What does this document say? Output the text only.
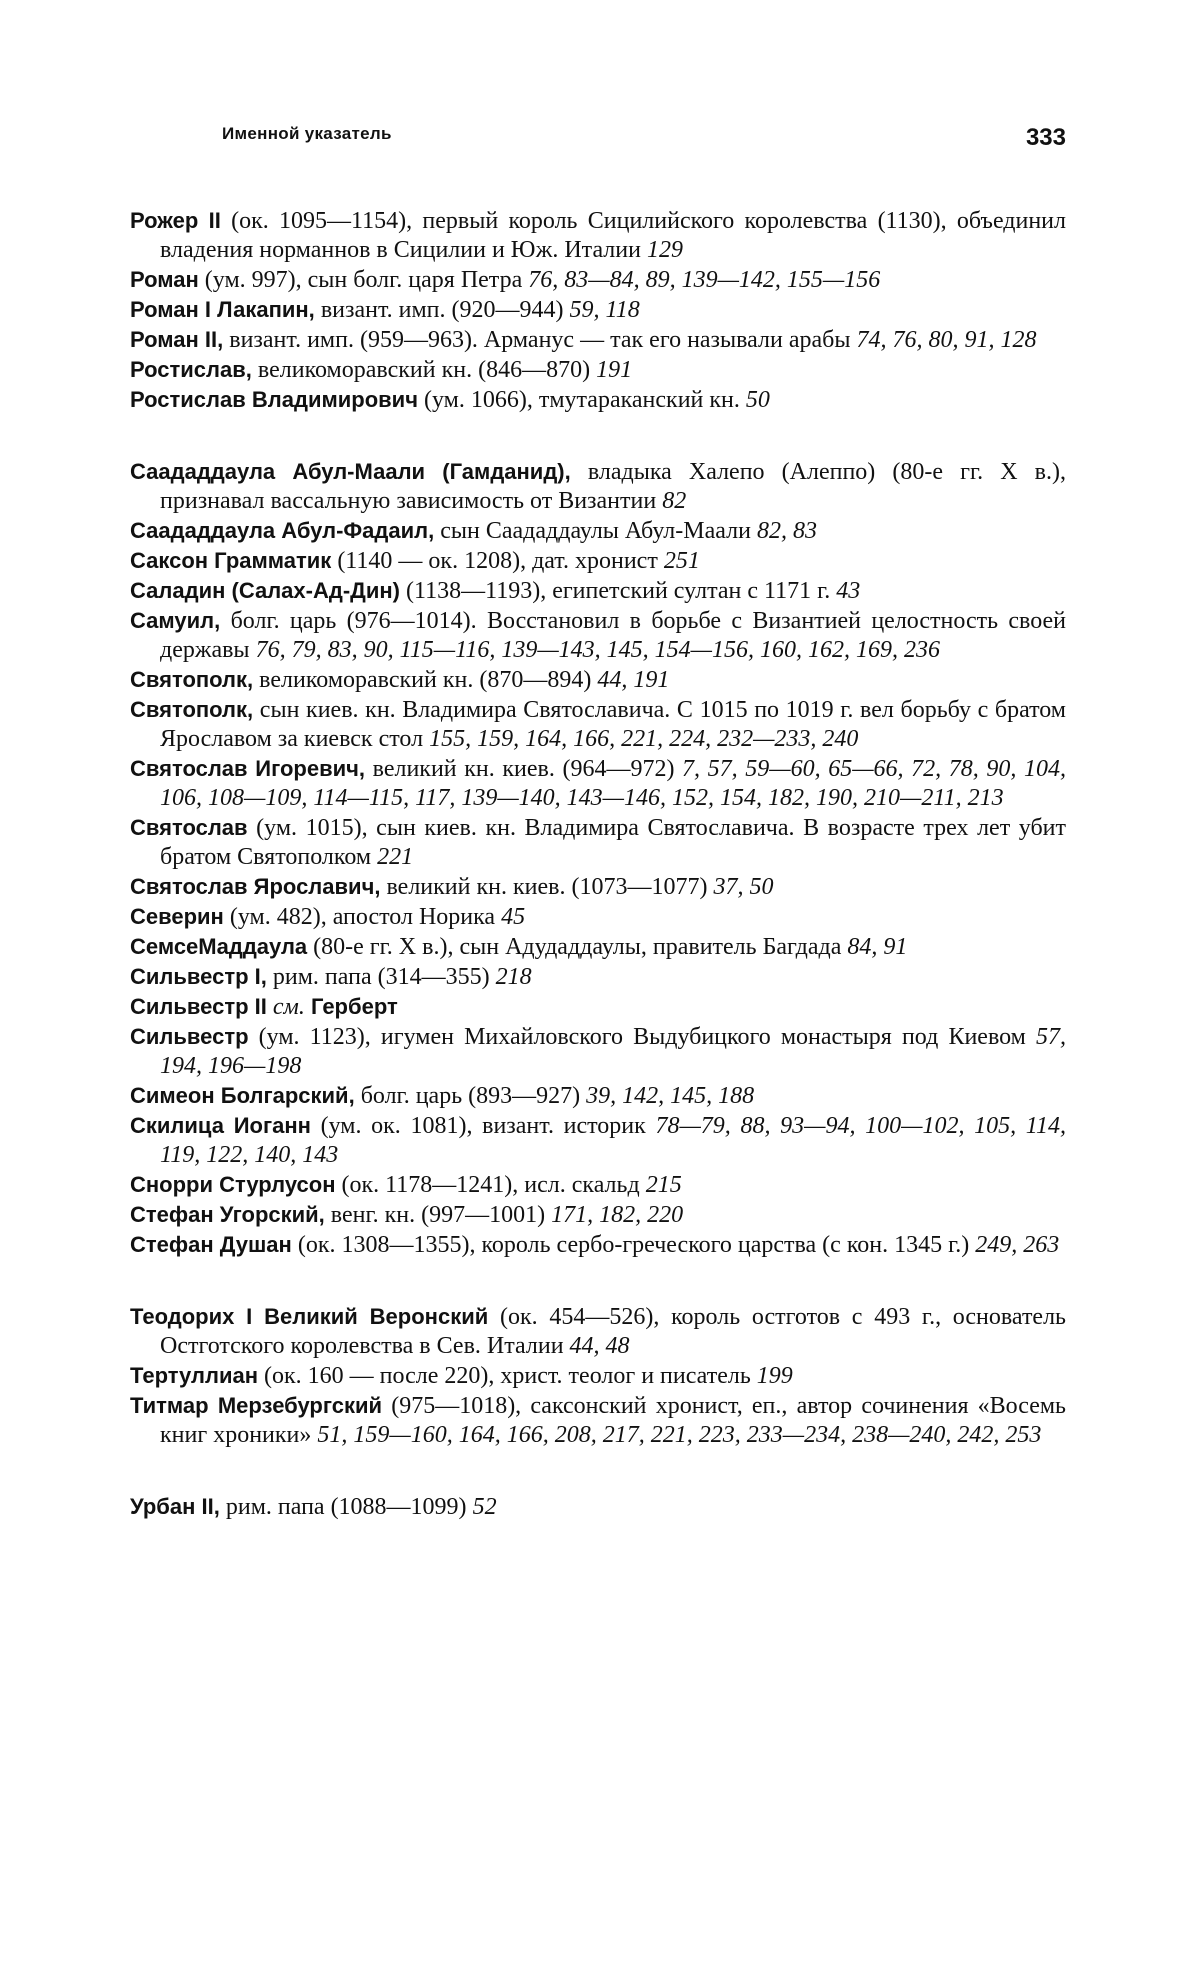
Именной указатель	333

Рожер II (ок. 1095—1154), первый король Сицилийского королевства (1130), объединил владения норманнов в Сицилии и Юж. Италии 129

Роман (ум. 997), сын болг. царя Петра 76, 83—84, 89, 139—142, 155—156

Роман I Лакапин, визант. имп. (920—944) 59, 118

Роман II, визант. имп. (959—963). Арманус — так его называли арабы 74, 76, 80, 91, 128

Ростислав, великоморавский кн. (846—870) 191

Ростислав Владимирович (ум. 1066), тмутараканский кн. 50

Саададдаула Абул-Маали (Гамданид), владыка Халепо (Алеппо) (80-е гг. X в.), признавал вассальную зависимость от Византии 82

Саададдаула Абул-Фадаил, сын Саададдаулы Абул-Маали 82, 83

Саксон Грамматик (1140 — ок. 1208), дат. хронист 251

Саладин (Салах-Ад-Дин) (1138—1193), египетский султан с 1171 г. 43

Самуил, болг. царь (976—1014). Восстановил в борьбе с Византией целостность своей державы 76, 79, 83, 90, 115—116, 139—143, 145, 154—156, 160, 162, 169, 236

Святополк, великоморавский кн. (870—894) 44, 191

Святополк, сын киев. кн. Владимира Святославича. С 1015 по 1019 г. вел борьбу с братом Ярославом за киевск стол 155, 159, 164, 166, 221, 224, 232—233, 240

Святослав Игоревич, великий кн. киев. (964—972) 7, 57, 59—60, 65—66, 72, 78, 90, 104, 106, 108—109, 114—115, 117, 139—140, 143—146, 152, 154, 182, 190, 210—211, 213

Святослав (ум. 1015), сын киев. кн. Владимира Святославича. В возрасте трех лет убит братом Святополком 221

Святослав Ярославич, великий кн. киев. (1073—1077) 37, 50

Северин (ум. 482), апостол Норика 45

СемсеMaддаула (80-е гг. X в.), сын Адудаддаулы, правитель Багдада 84, 91

Сильвестр I, рим. папа (314—355) 218

Сильвестр II см. Герберт

Сильвестр (ум. 1123), игумен Михайловского Выдубицкого монастыря под Киевом 57, 194, 196—198

Симеон Болгарский, болг. царь (893—927) 39, 142, 145, 188

Скилица Иоганн (ум. ок. 1081), визант. историк 78—79, 88, 93—94, 100—102, 105, 114, 119, 122, 140, 143

Снорри Стурлусон (ок. 1178—1241), исл. скальд 215

Стефан Угорский, венг. кн. (997—1001) 171, 182, 220

Стефан Душан (ок. 1308—1355), король сербо-греческого царства (с кон. 1345 г.) 249, 263

Теодорих I Великий Веронский (ок. 454—526), король остготов с 493 г., основатель Остготского королевства в Сев. Италии 44, 48

Тертуллиан (ок. 160 — после 220), христ. теолог и писатель 199

Титмар Мерзебургский (975—1018), саксонский хронист, еп., автор сочинения «Восемь книг хроники» 51, 159—160, 164, 166, 208, 217, 221, 223, 233—234, 238—240, 242, 253

Урбан II, рим. папа (1088—1099) 52
